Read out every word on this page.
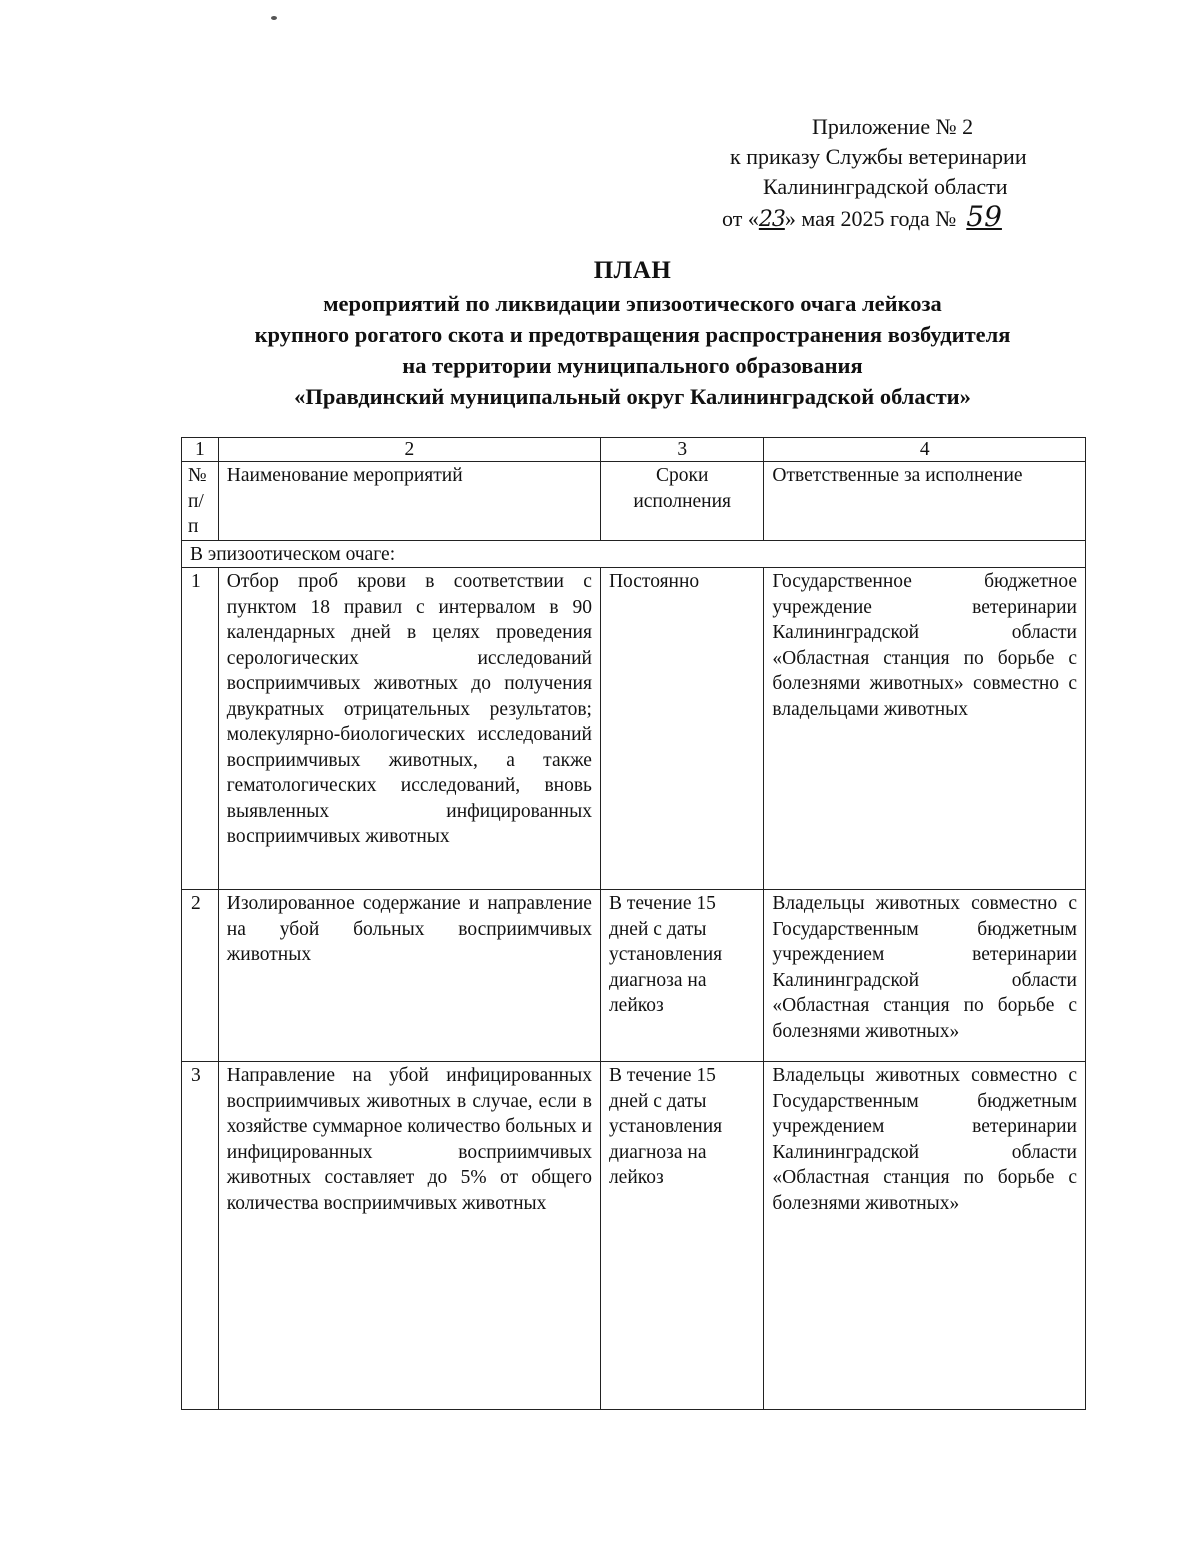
Приложение № 2
к приказу Службы ветеринарии
Калининградской области
от «23» мая 2025 года № 59
ПЛАН
мероприятий по ликвидации эпизоотического очага лейкоза
крупного рогатого скота и предотвращения распространения возбудителя
на территории муниципального образования
«Правдинский муниципальный округ Калининградской области»
1	2	3	4
№ п/п	Наименование мероприятий	Сроки исполнения	Ответственные за исполнение
В эпизоотическом очаге:			
1	Отбор проб крови в соответствии с пунктом 18 правил с интервалом в 90 календарных дней в целях проведения серологических исследований восприимчивых животных до получения двукратных отрицательных результатов; молекулярно-биологических исследований восприимчивых животных, а также гематологических исследований, вновь выявленных инфицированных восприимчивых животных	Постоянно	Государственное бюджетное учреждение ветеринарии Калининградской области «Областная станция по борьбе с болезнями животных» совместно с владельцами животных
2	Изолированное содержание и направление на убой больных восприимчивых животных	В течение 15 дней с даты установления диагноза на лейкоз	Владельцы животных совместно с Государственным бюджетным учреждением ветеринарии Калининградской области «Областная станция по борьбе с болезнями животных»
3	Направление на убой инфицированных восприимчивых животных в случае, если в хозяйстве суммарное количество больных и инфицированных восприимчивых животных составляет до 5% от общего количества восприимчивых животных	В течение 15 дней с даты установления диагноза на лейкоз	Владельцы животных совместно с Государственным бюджетным учреждением ветеринарии Калининградской области «Областная станция по борьбе с болезнями животных»
